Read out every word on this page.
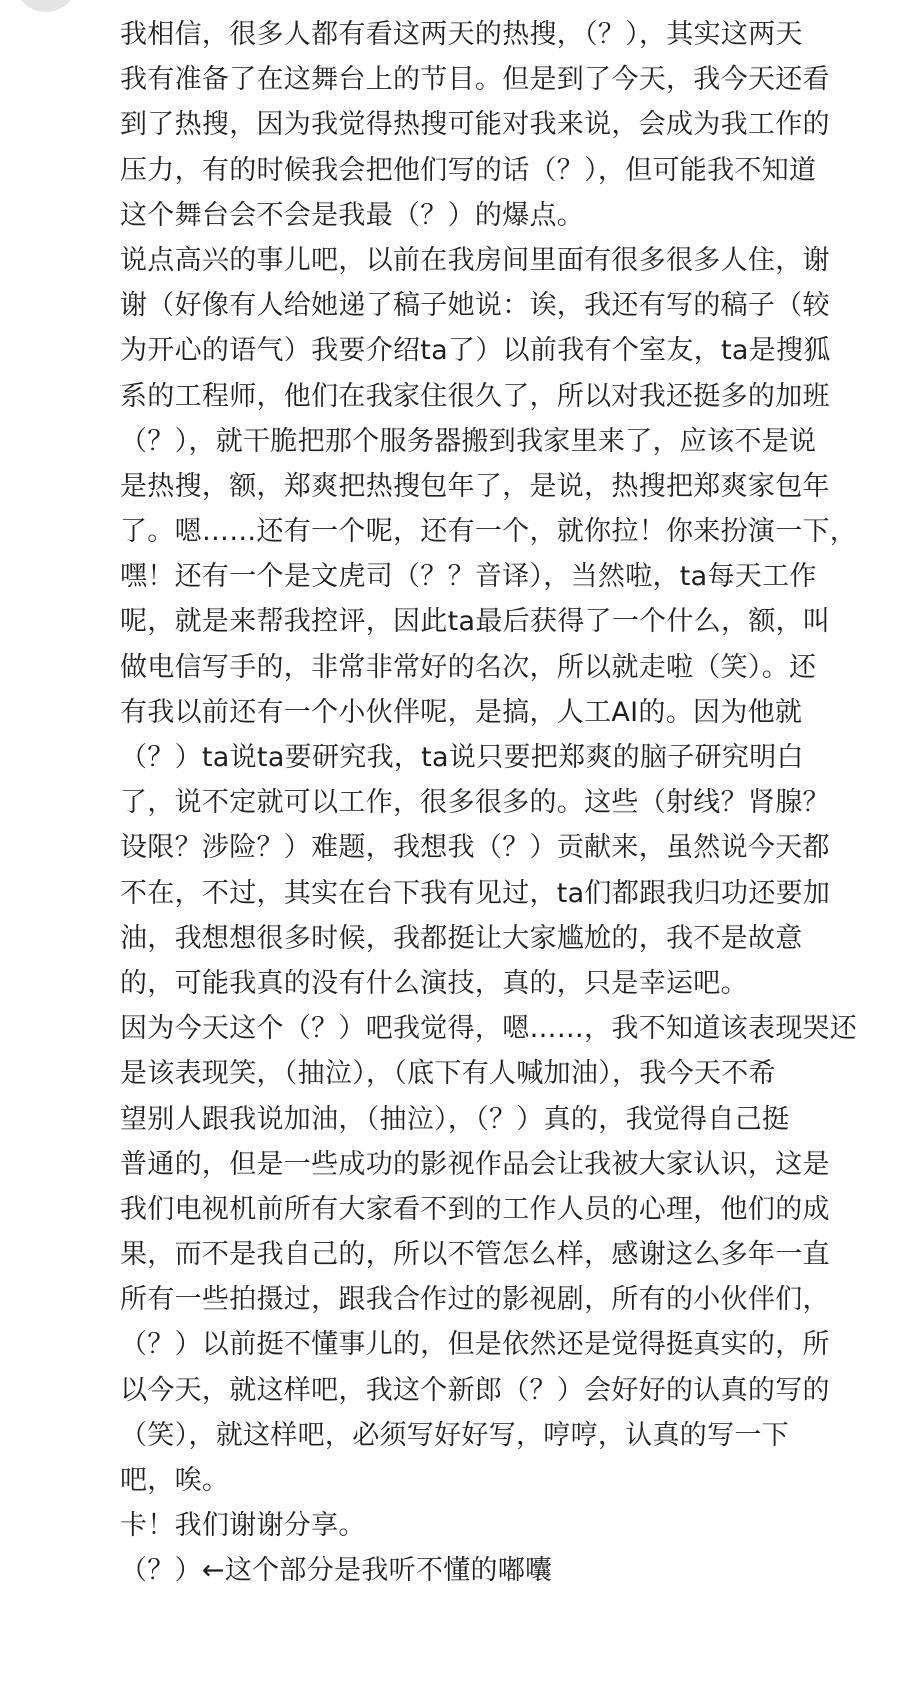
我相信，很多人都有看这两天的热搜，（？），其实这两天
我有准备了在这舞台上的节目。但是到了今天，我今天还看
到了热搜，因为我觉得热搜可能对我来说，会成为我工作的
压力，有的时候我会把他们写的话（？），但可能我不知道
这个舞台会不会是我最（？）的爆点。
说点高兴的事儿吧，以前在我房间里面有很多很多人住，谢
谢（好像有人给她递了稿子她说：诶，我还有写的稿子（较
为开心的语气）我要介绍ta了）以前我有个室友，ta是搜狐
系的工程师，他们在我家住很久了，所以对我还挺多的加班
（？），就干脆把那个服务器搬到我家里来了，应该不是说
是热搜，额，郑爽把热搜包年了，是说，热搜把郑爽家包年
了。嗯……还有一个呢，还有一个，就你拉！你来扮演一下，
嘿！还有一个是文虎司（？？音译），当然啦，ta每天工作
呢，就是来帮我控评，因此ta最后获得了一个什么，额，叫
做电信写手的，非常非常好的名次，所以就走啦（笑）。还
有我以前还有一个小伙伴呢，是搞，人工AI的。因为他就
（？）ta说ta要研究我，ta说只要把郑爽的脑子研究明白
了，说不定就可以工作，很多很多的。这些（射线？肾腺？
设限？涉险？）难题，我想我（？）贡献来，虽然说今天都
不在，不过，其实在台下我有见过，ta们都跟我归功还要加
油，我想想很多时候，我都挺让大家尴尬的，我不是故意
的，可能我真的没有什么演技，真的，只是幸运吧。
因为今天这个（？）吧我觉得，嗯……，我不知道该表现哭还
是该表现笑，（抽泣），（底下有人喊加油），我今天不希
望别人跟我说加油，（抽泣），（？）真的，我觉得自己挺
普通的，但是一些成功的影视作品会让我被大家认识，这是
我们电视机前所有大家看不到的工作人员的心理，他们的成
果，而不是我自己的，所以不管怎么样，感谢这么多年一直
所有一些拍摄过，跟我合作过的影视剧，所有的小伙伴们，
（？）以前挺不懂事儿的，但是依然还是觉得挺真实的，所
以今天，就这样吧，我这个新郎（？）会好好的认真的写的
（笑），就这样吧，必须写好好写，哼哼，认真的写一下
吧，唉。
卡！我们谢谢分享。
（？）←这个部分是我听不懂的嘟囔
